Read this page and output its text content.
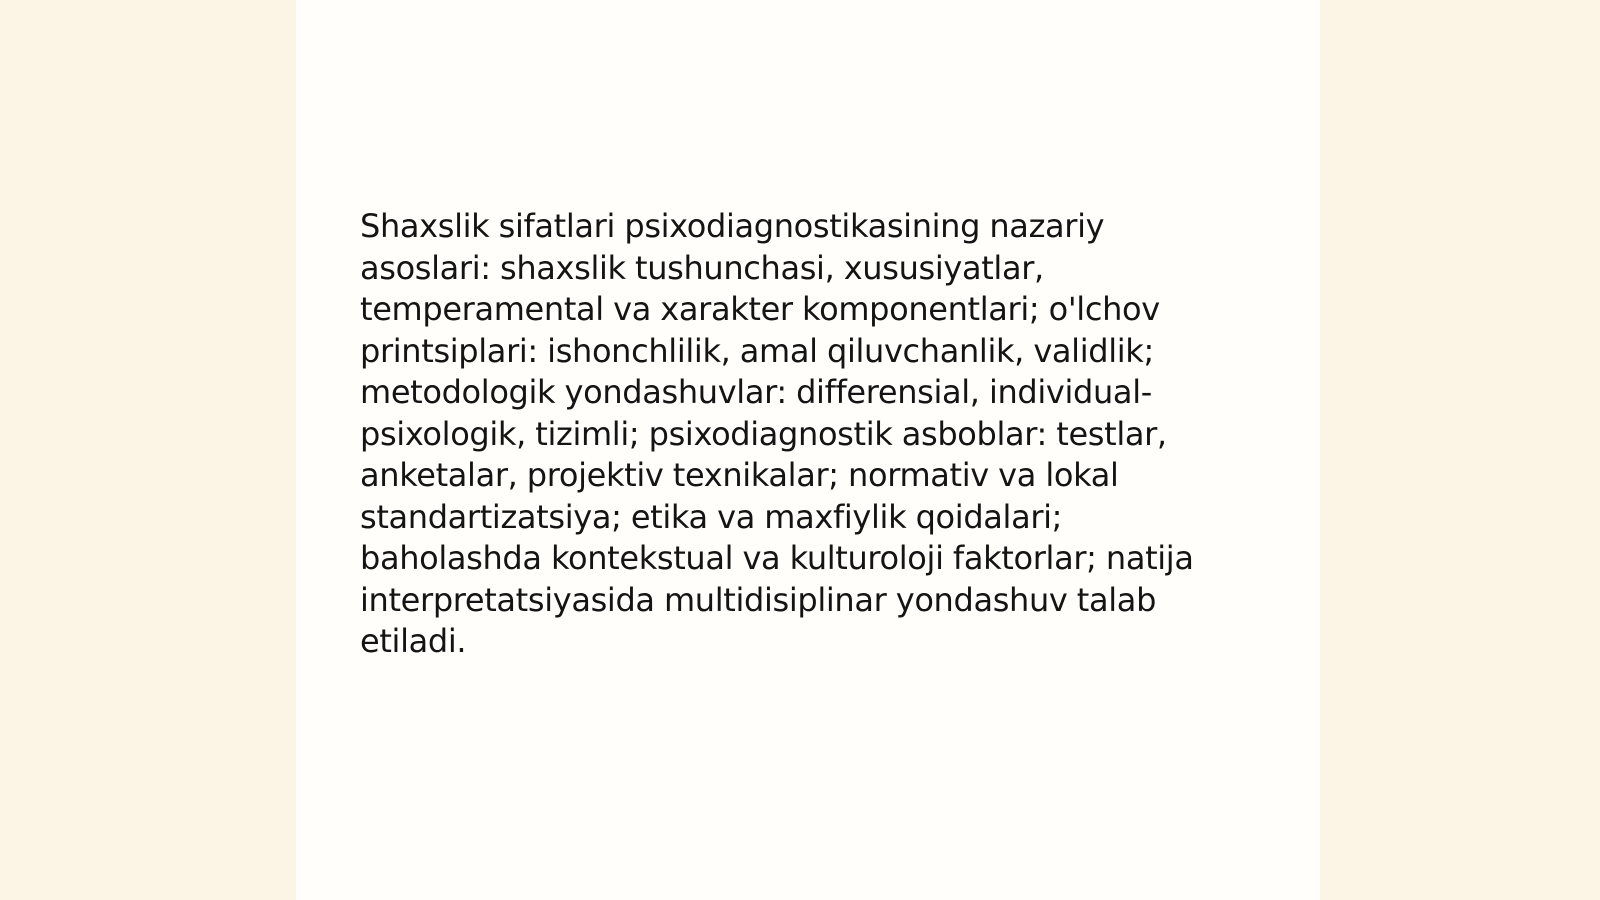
Shaxslik sifatlari psixodiagnostikasining nazariy asoslari: shaxslik tushunchasi, xususiyatlar, temperamental va xarakter komponentlari; o'lchov printsiplari: ishonchlilik, amal qiluvchanlik, validlik; metodologik yondashuvlar: differensial, individual-psixologik, tizimli; psixodiagnostik asboblar: testlar, anketalar, projektiv texnikalar; normativ va lokal standartizatsiya; etika va maxfiylik qoidalari; baholashda kontekstual va kulturoloji faktorlar; natija interpretatsiyasida multidisiplinar yondashuv talab etiladi.
